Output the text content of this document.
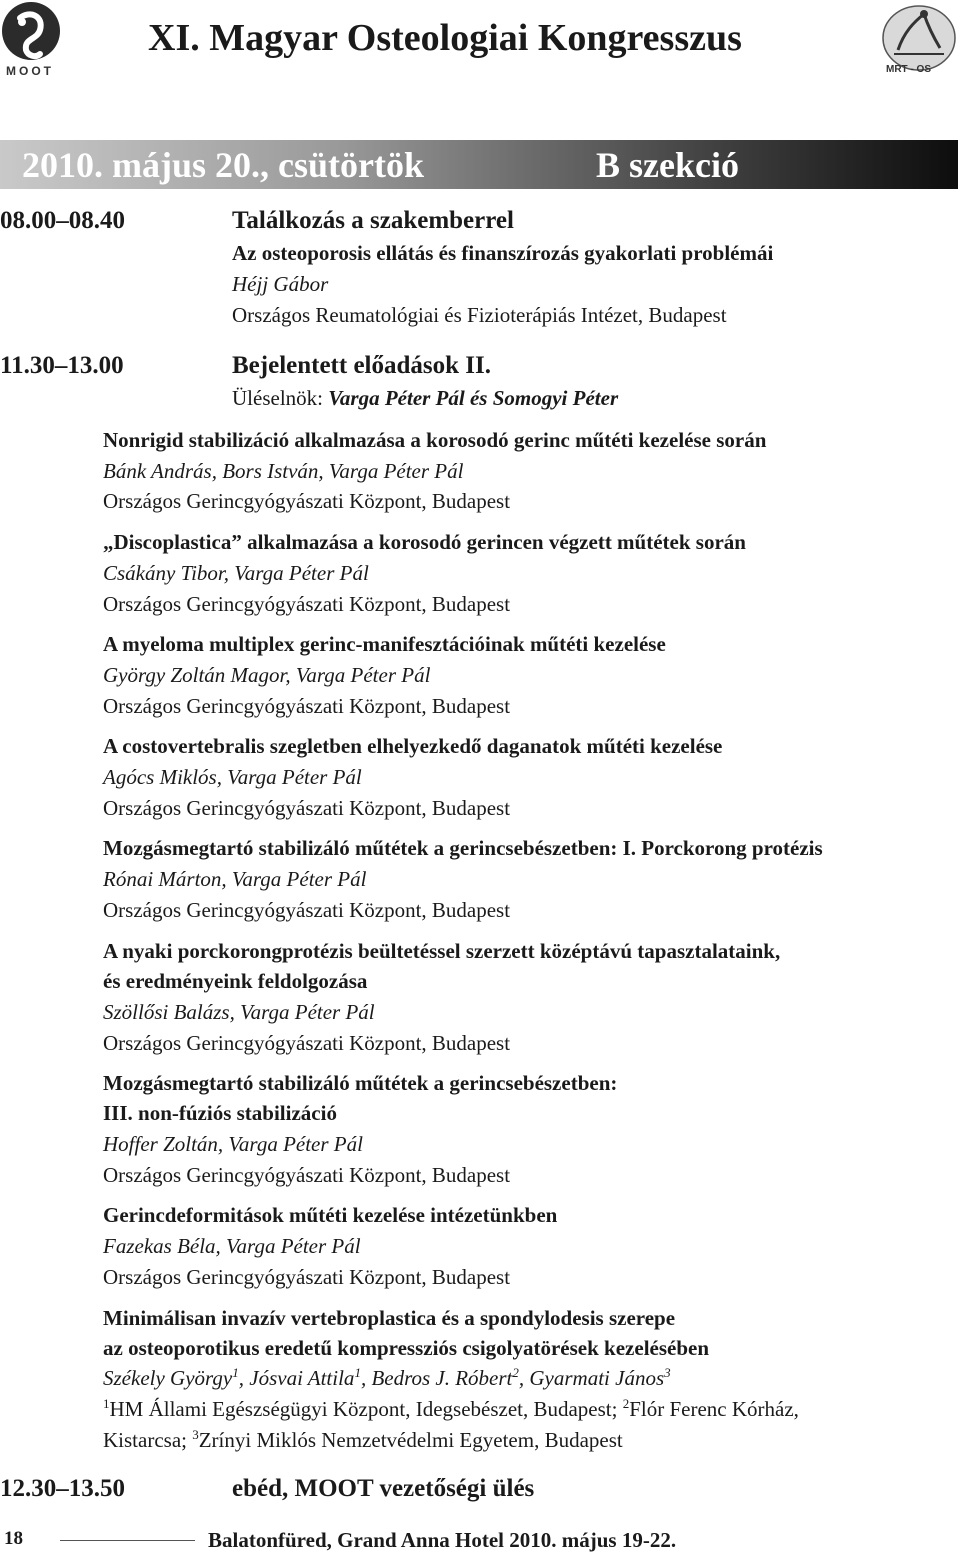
MOOT	MRT - OS
XI. Magyar Osteologiai Kongresszus
2010. május 20., csütörtök	B szekció
08.00–08.40	Találkozás a szakemberrel
Az osteoporosis ellátás és finanszírozás gyakorlati problémái
Héjj Gábor
Országos Reumatológiai és Fizioterápiás Intézet, Budapest
11.30–13.00	Bejelentett előadások II.
Üléselnök: Varga Péter Pál és Somogyi Péter
Nonrigid stabilizáció alkalmazása a korosodó gerinc műtéti kezelése során
Bánk András, Bors István, Varga Péter Pál
Országos Gerincgyógyászati Központ, Budapest
„Discoplastica” alkalmazása a korosodó gerincen végzett műtétek során
Csákány Tibor, Varga Péter Pál
Országos Gerincgyógyászati Központ, Budapest
A myeloma multiplex gerinc-manifesztációinak műtéti kezelése
György Zoltán Magor, Varga Péter Pál
Országos Gerincgyógyászati Központ, Budapest
A costovertebralis szegletben elhelyezkedő daganatok műtéti kezelése
Agócs Miklós, Varga Péter Pál
Országos Gerincgyógyászati Központ, Budapest
Mozgásmegtartó stabilizáló műtétek a gerincsebészetben: I. Porckorong protézis
Rónai Márton, Varga Péter Pál
Országos Gerincgyógyászati Központ, Budapest
A nyaki porckorongprotézis beültetéssel szerzett középtávú tapasztalataink,
és eredményeink feldolgozása
Szöllősi Balázs, Varga Péter Pál
Országos Gerincgyógyászati Központ, Budapest
Mozgásmegtartó stabilizáló műtétek a gerincsebészetben:
III. non-fúziós stabilizáció
Hoffer Zoltán, Varga Péter Pál
Országos Gerincgyógyászati Központ, Budapest
Gerincdeformitások műtéti kezelése intézetünkben
Fazekas Béla, Varga Péter Pál
Országos Gerincgyógyászati Központ, Budapest
Minimálisan invazív vertebroplastica és a spondylodesis szerepe
az osteoporotikus eredetű kompressziós csigolyatörések kezelésében
Székely György$^1$, Jósvai Attila$^1$, Bedros J. Róbert$^2$, Gyarmati János$^3$
$^1$HM Állami Egészségügyi Központ, Idegsebészet, Budapest; $^2$Flór Ferenc Kórház,
Kistarcsa; $^3$Zrínyi Miklós Nemzetvédelmi Egyetem, Budapest
12.30–13.50	ebéd, MOOT vezetőségi ülés
18	Balatonfüred, Grand Anna Hotel 2010. május 19-22.
